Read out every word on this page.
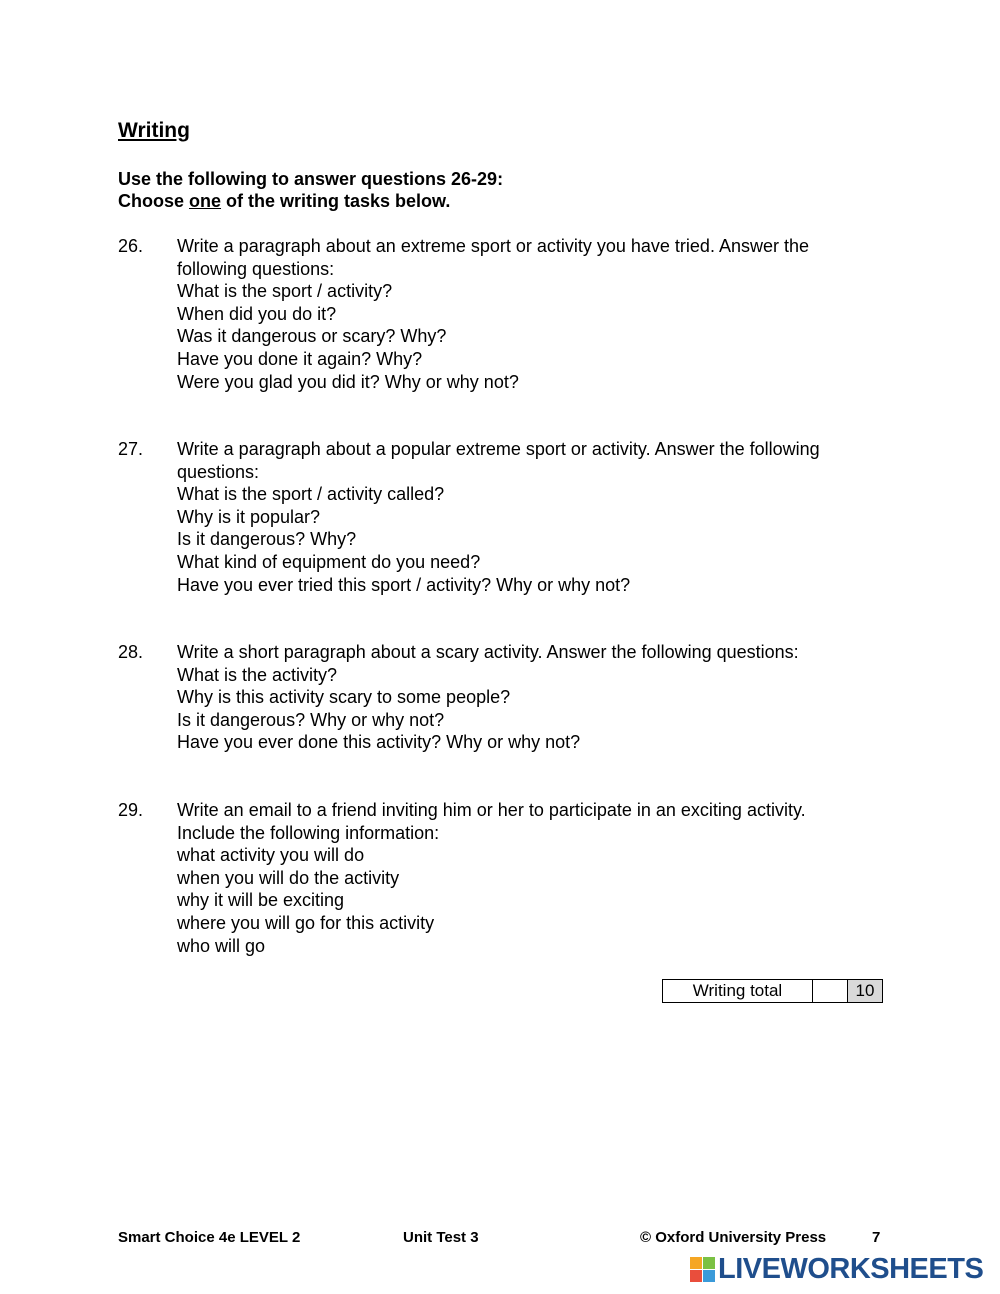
Writing
Use the following to answer questions 26-29:
Choose one of the writing tasks below.
26. Write a paragraph about an extreme sport or activity you have tried. Answer the
following questions:
What is the sport / activity?
When did you do it?
Was it dangerous or scary? Why?
Have you done it again? Why?
Were you glad you did it? Why or why not?
27. Write a paragraph about a popular extreme sport or activity. Answer the following
questions:
What is the sport / activity called?
Why is it popular?
Is it dangerous? Why?
What kind of equipment do you need?
Have you ever tried this sport / activity? Why or why not?
28. Write a short paragraph about a scary activity. Answer the following questions:
What is the activity?
Why is this activity scary to some people?
Is it dangerous? Why or why not?
Have you ever done this activity? Why or why not?
29. Write an email to a friend inviting him or her to participate in an exciting activity.
Include the following information:
what activity you will do
when you will do the activity
why it will be exciting
where you will go for this activity
who will go
Writing total		10
Smart Choice 4e LEVEL 2	Unit Test 3	© Oxford University Press	7
LIVEWORKSHEETS
